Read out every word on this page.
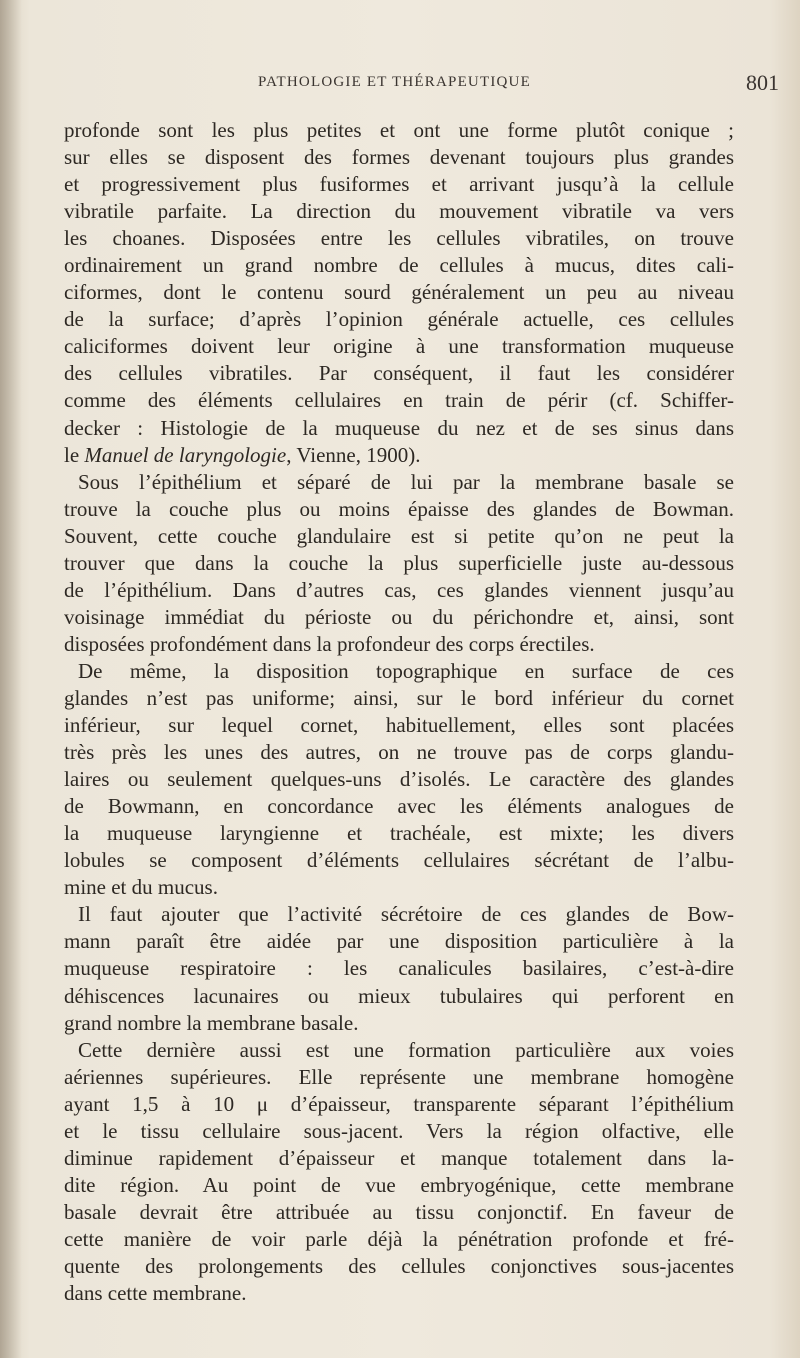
PATHOLOGIE ET THÉRAPEUTIQUE	801
profonde sont les plus petites et ont une forme plutôt conique ;
sur elles se disposent des formes devenant toujours plus grandes
et progressivement plus fusiformes et arrivant jusqu’à la cellule
vibratile parfaite. La direction du mouvement vibratile va vers
les choanes. Disposées entre les cellules vibratiles, on trouve
ordinairement un grand nombre de cellules à mucus, dites cali-
ciformes, dont le contenu sourd généralement un peu au niveau
de la surface; d’après l’opinion générale actuelle, ces cellules
caliciformes doivent leur origine à une transformation muqueuse
des cellules vibratiles. Par conséquent, il faut les considérer
comme des éléments cellulaires en train de périr (cf. Schiffer-
decker : Histologie de la muqueuse du nez et de ses sinus dans
le Manuel de laryngologie, Vienne, 1900).
Sous l’épithélium et séparé de lui par la membrane basale se
trouve la couche plus ou moins épaisse des glandes de Bowman.
Souvent, cette couche glandulaire est si petite qu’on ne peut la
trouver que dans la couche la plus superficielle juste au-dessous
de l’épithélium. Dans d’autres cas, ces glandes viennent jusqu’au
voisinage immédiat du périoste ou du périchondre et, ainsi, sont
disposées profondément dans la profondeur des corps érectiles.
De même, la disposition topographique en surface de ces
glandes n’est pas uniforme; ainsi, sur le bord inférieur du cornet
inférieur, sur lequel cornet, habituellement, elles sont placées
très près les unes des autres, on ne trouve pas de corps glandu-
laires ou seulement quelques-uns d’isolés. Le caractère des glandes
de Bowmann, en concordance avec les éléments analogues de
la muqueuse laryngienne et trachéale, est mixte; les divers
lobules se composent d’éléments cellulaires sécrétant de l’albu-
mine et du mucus.
Il faut ajouter que l’activité sécrétoire de ces glandes de Bow-
mann paraît être aidée par une disposition particulière à la
muqueuse respiratoire : les canalicules basilaires, c’est-à-dire
déhiscences lacunaires ou mieux tubulaires qui perforent en
grand nombre la membrane basale.
Cette dernière aussi est une formation particulière aux voies
aériennes supérieures. Elle représente une membrane homogène
ayant 1,5 à 10 μ d’épaisseur, transparente séparant l’épithélium
et le tissu cellulaire sous-jacent. Vers la région olfactive, elle
diminue rapidement d’épaisseur et manque totalement dans la-
dite région. Au point de vue embryogénique, cette membrane
basale devrait être attribuée au tissu conjonctif. En faveur de
cette manière de voir parle déjà la pénétration profonde et fré-
quente des prolongements des cellules conjonctives sous-jacentes
dans cette membrane.
